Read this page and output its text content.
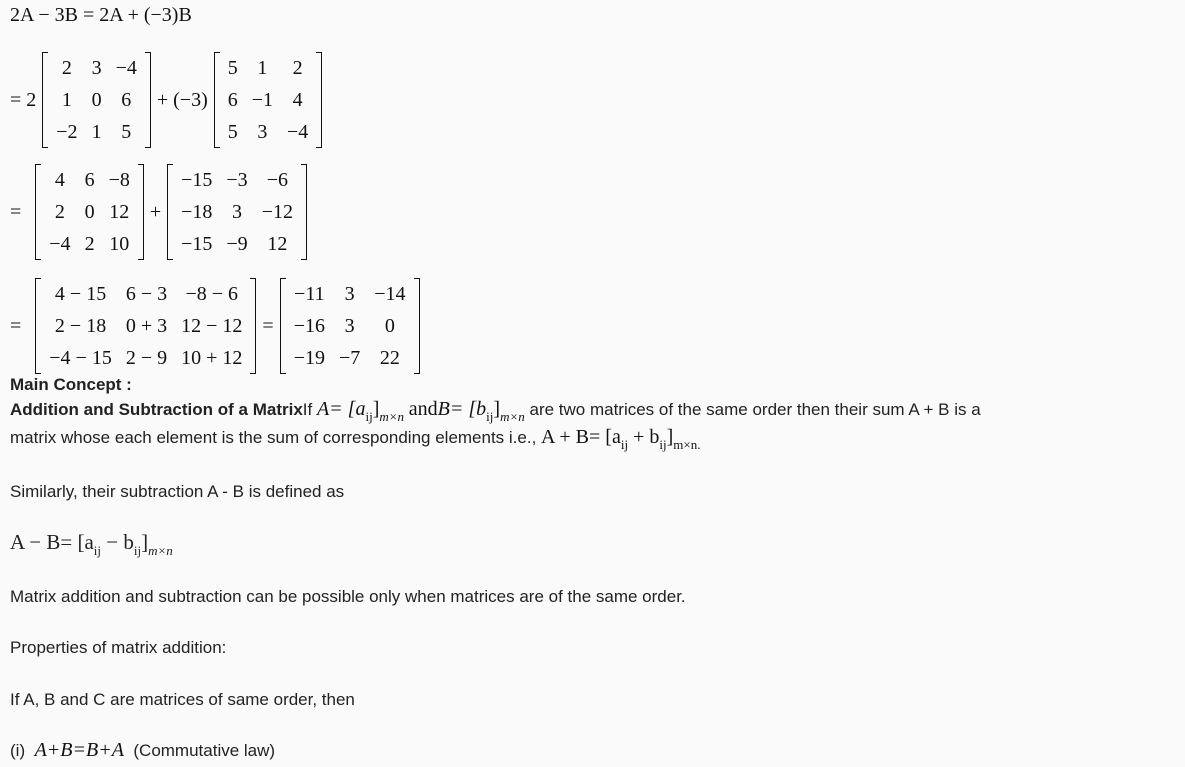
2A − 3B = 2A + (−3)B
= 2
2	3	−4
1	0	6
−2	1	5
+ (−3)
5	1	2
6	−1	4
5	3	−4
=
4	6	−8
2	0	12
−4	2	10
+
−15	−3	−6
−18	3	−12
−15	−9	12
=
4 − 15	6 − 3	−8 − 6
2 − 18	0 + 3	12 − 12
−4 − 15	2 − 9	10 + 12
=
−11	3	−14
−16	3	0
−19	−7	22
Main Concept :
Addition and Subtraction of a MatrixIf $A= [a_{ij}]_{m\times n}$ andB= $[b_{ij}]_{m\times n}$ are two matrices of the same order then their sum A + B is a
matrix whose each element is the sum of corresponding elements i.e., $A + B= [a_{ij} + b_{ij}]_{m\times n.}$
Similarly, their subtraction A - B is defined as
$A - B= [a_{ij} - b_{ij}]_{m\times n}$
Matrix addition and subtraction can be possible only when matrices are of the same order.
Properties of matrix addition:
If A, B and C are matrices of same order, then
(i) A+B=B+A (Commutative law)
